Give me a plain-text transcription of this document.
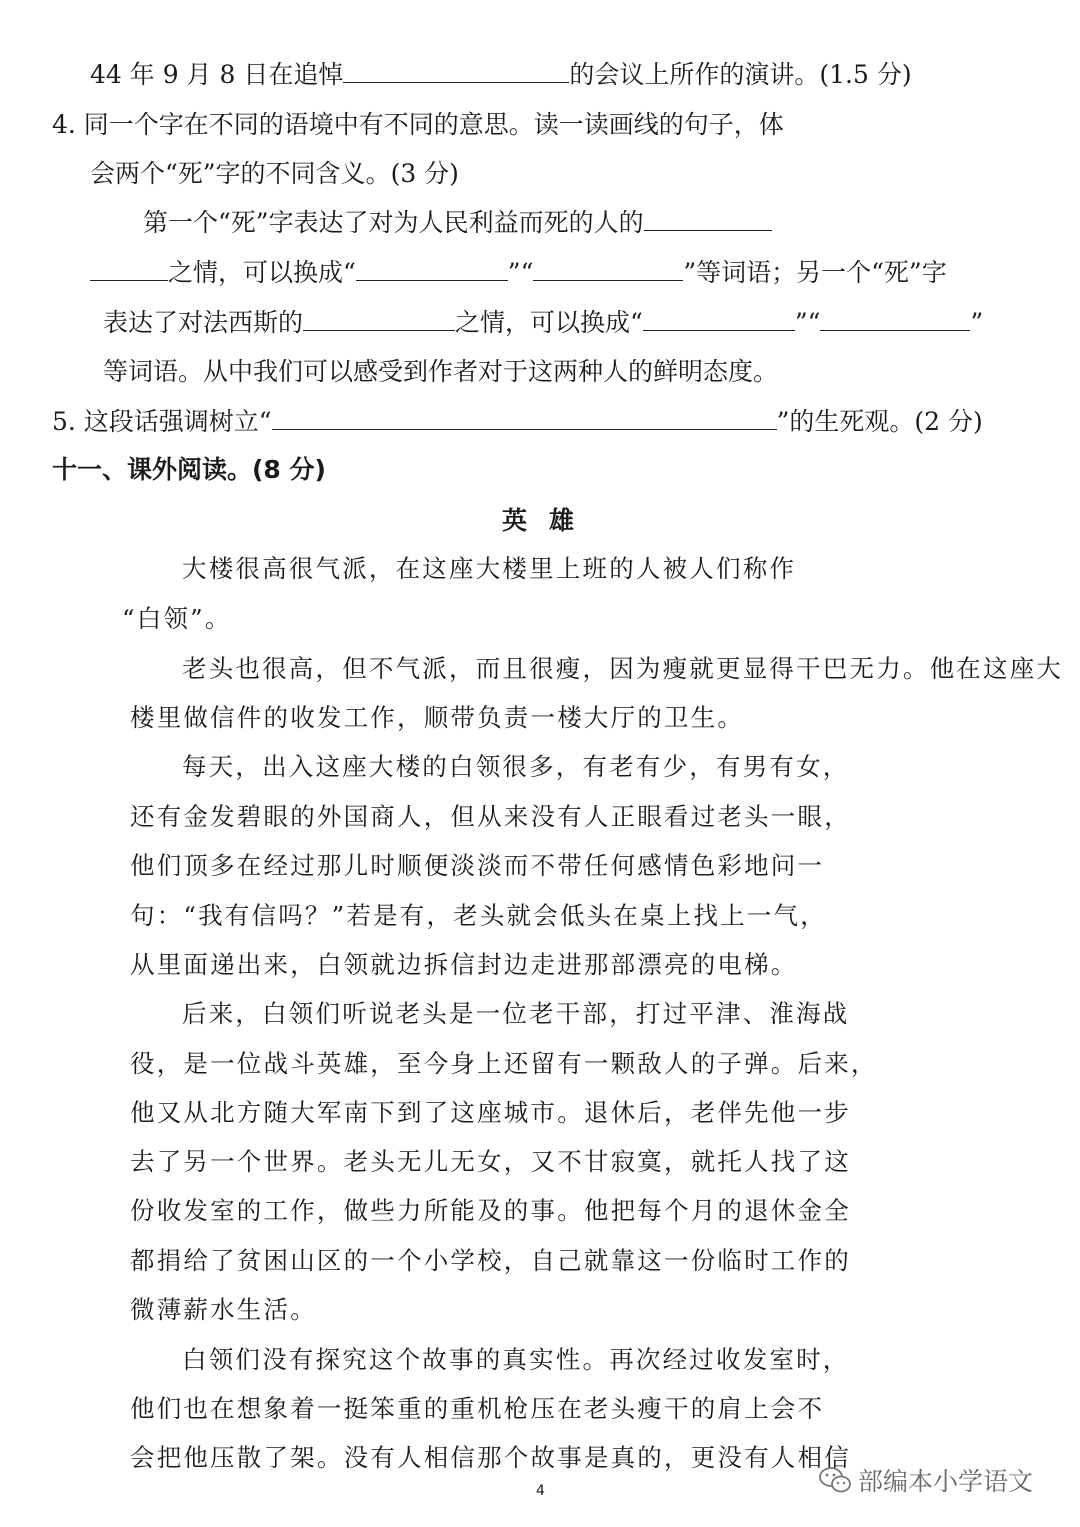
44 年 9 月 8 日在追悼	的会议上所作的演讲。(1.5 分)
4. 同一个字在不同的语境中有不同的意思。读一读画线的句子，体
会两个“死”字的不同含义。(3 分)
第一个“死”字表达了对为人民利益而死的人的
之情，可以换成“	”“	”等词语；另一个“死”字
表达了对法西斯的	之情，可以换成“	”“	”
等词语。从中我们可以感受到作者对于这两种人的鲜明态度。
5. 这段话强调树立“	”的生死观。(2 分)
十一、课外阅读。(8 分)
英雄
大楼很高很气派，在这座大楼里上班的人被人们称作
“白领”。
老头也很高，但不气派，而且很瘦，因为瘦就更显得干巴无力。他在这座大
楼里做信件的收发工作，顺带负责一楼大厅的卫生。
每天，出入这座大楼的白领很多，有老有少，有男有女，
还有金发碧眼的外国商人，但从来没有人正眼看过老头一眼，
他们顶多在经过那儿时顺便淡淡而不带任何感情色彩地问一
句：“我有信吗？”若是有，老头就会低头在桌上找上一气，
从里面递出来，白领就边拆信封边走进那部漂亮的电梯。
后来，白领们听说老头是一位老干部，打过平津、淮海战
役，是一位战斗英雄，至今身上还留有一颗敌人的子弹。后来，
他又从北方随大军南下到了这座城市。退休后，老伴先他一步
去了另一个世界。老头无儿无女，又不甘寂寞，就托人找了这
份收发室的工作，做些力所能及的事。他把每个月的退休金全
都捐给了贫困山区的一个小学校，自己就靠这一份临时工作的
微薄薪水生活。
白领们没有探究这个故事的真实性。再次经过收发室时，
他们也在想象着一挺笨重的重机枪压在老头瘦干的肩上会不
会把他压散了架。没有人相信那个故事是真的，更没有人相信
4	部编本小学语文
